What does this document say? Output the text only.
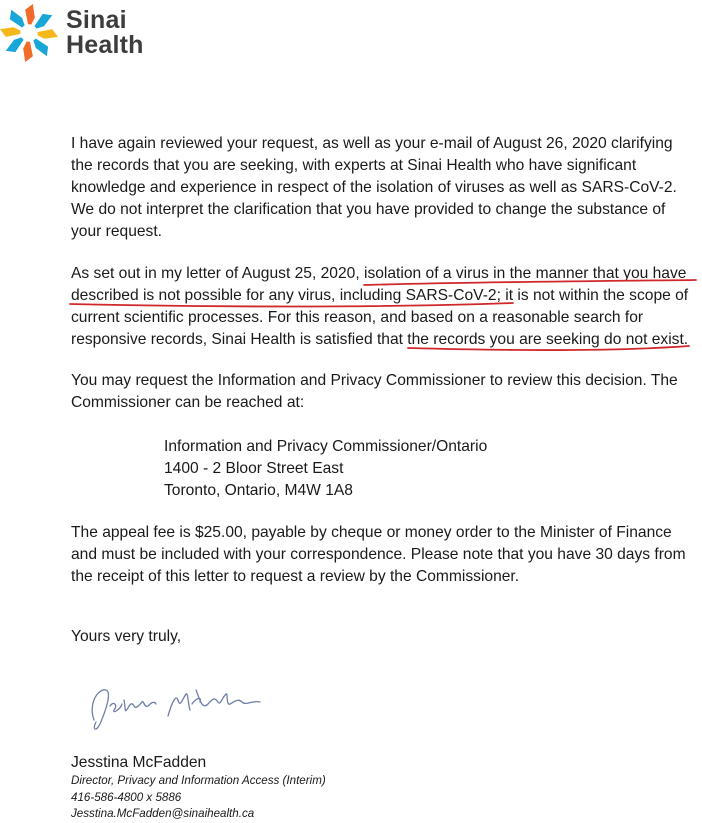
Sinai
Health
I have again reviewed your request, as well as your e-mail of August 26, 2020 clarifying the records that you are seeking, with experts at Sinai Health who have significant knowledge and experience in respect of the isolation of viruses as well as SARS-CoV-2. We do not interpret the clarification that you have provided to change the substance of your request.
As set out in my letter of August 25, 2020, isolation of a virus in the manner that you have described is not possible for any virus, including SARS-CoV-2; it is not within the scope of current scientific processes. For this reason, and based on a reasonable search for responsive records, Sinai Health is satisfied that the records you are seeking do not exist.
You may request the Information and Privacy Commissioner to review this decision. The Commissioner can be reached at:
Information and Privacy Commissioner/Ontario
1400 - 2 Bloor Street East
Toronto, Ontario, M4W 1A8
The appeal fee is $25.00, payable by cheque or money order to the Minister of Finance and must be included with your correspondence. Please note that you have 30 days from the receipt of this letter to request a review by the Commissioner.
Yours very truly,
Jesstina McFadden
Director, Privacy and Information Access (Interim)
416-586-4800 x 5886
Jesstina.McFadden@sinaihealth.ca
